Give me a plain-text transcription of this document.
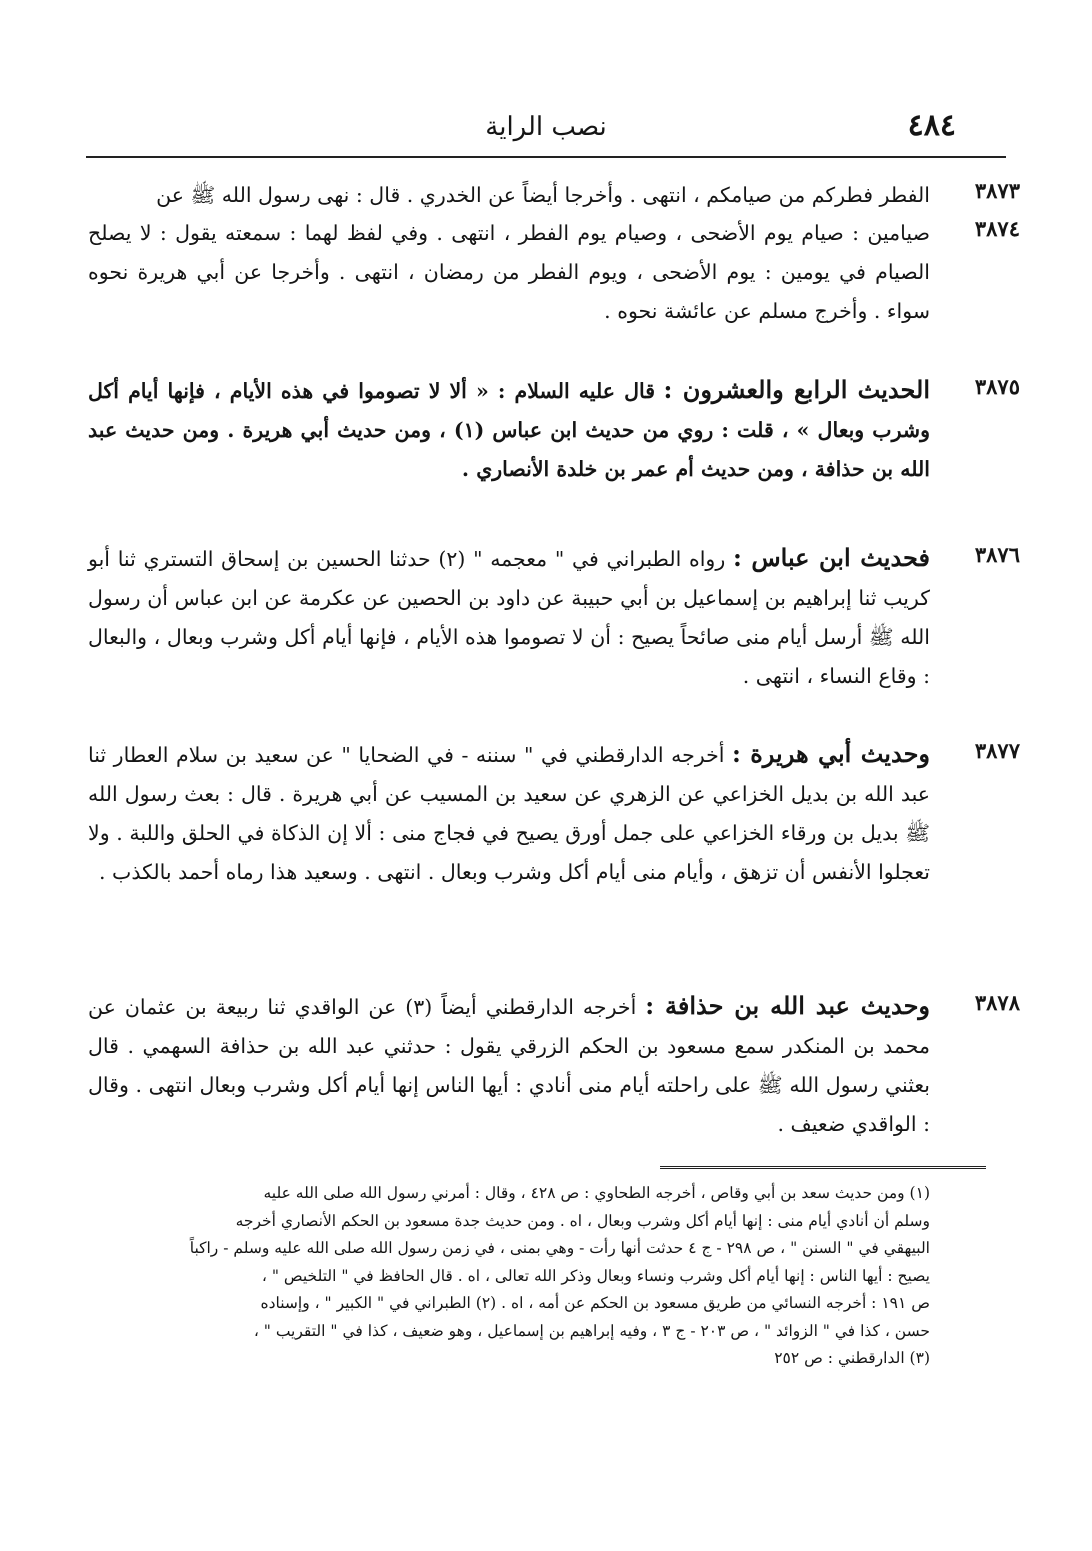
٤٨٤
نصب الراية
٣٨٧٣
الفطر فطركم من صيامكم ، انتهى . وأخرجا أيضاً عن الخدري . قال : نهى رسول الله ﷺ عن
٣٨٧٤
صيامين : صيام يوم الأضحى ، وصيام يوم الفطر ، انتهى . وفي لفظ لهما : سمعته يقول : لا يصلح الصيام في يومين : يوم الأضحى ، ويوم الفطر من رمضان ، انتهى . وأخرجا عن أبي هريرة نحوه سواء . وأخرج مسلم عن عائشة نحوه .
٣٨٧٥
الحديث الرابع والعشرون : قال عليه السلام : « ألا لا تصوموا في هذه الأيام ، فإنها أيام أكل وشرب وبعال » ، قلت : روي من حديث ابن عباس (١) ، ومن حديث أبي هريرة . ومن حديث عبد الله بن حذافة ، ومن حديث أم عمر بن خلدة الأنصاري .
٣٨٧٦
فحديث ابن عباس : رواه الطبراني في " معجمه " (٢) حدثنا الحسين بن إسحاق التستري ثنا أبو كريب ثنا إبراهيم بن إسماعيل بن أبي حبيبة عن داود بن الحصين عن عكرمة عن ابن عباس أن رسول الله ﷺ أرسل أيام منى صائحاً يصيح : أن لا تصوموا هذه الأيام ، فإنها أيام أكل وشرب وبعال ، والبعال : وقاع النساء ، انتهى .
٣٨٧٧
وحديث أبي هريرة : أخرجه الدارقطني في " سننه - في الضحايا " عن سعيد بن سلام العطار ثنا عبد الله بن بديل الخزاعي عن الزهري عن سعيد بن المسيب عن أبي هريرة . قال : بعث رسول الله ﷺ بديل بن ورقاء الخزاعي على جمل أورق يصيح في فجاج منى : ألا إن الذكاة في الحلق واللبة . ولا تعجلوا الأنفس أن تزهق ، وأيام منى أيام أكل وشرب وبعال . انتهى . وسعيد هذا رماه أحمد بالكذب .
٣٨٧٨
وحديث عبد الله بن حذافة : أخرجه الدارقطني أيضاً (٣) عن الواقدي ثنا ربيعة بن عثمان عن محمد بن المنكدر سمع مسعود بن الحكم الزرقي يقول : حدثني عبد الله بن حذافة السهمي . قال بعثني رسول الله ﷺ على راحلته أيام منى أنادي : أيها الناس إنها أيام أكل وشرب وبعال انتهى . وقال : الواقدي ضعيف .
(١) ومن حديث سعد بن أبي وقاص ، أخرجه الطحاوي : ص ٤٢٨ ، وقال : أمرني رسول الله صلى الله عليه
وسلم أن أنادي أيام منى : إنها أيام أكل وشرب وبعال ، اه . ومن حديث جدة مسعود بن الحكم الأنصاري أخرجه
البيهقي في " السنن " ، ص ٢٩٨ - ج ٤ حدثت أنها رأت - وهي بمنى ، في زمن رسول الله صلى الله عليه وسلم - راكباً
يصيح : أيها الناس : إنها أيام أكل وشرب ونساء وبعال وذكر الله تعالى ، اه . قال الحافظ في " التلخيص " ،
ص ١٩١ : أخرجه النسائي من طريق مسعود بن الحكم عن أمه ، اه . (٢) الطبراني في " الكبير " ، وإسناده
حسن ، كذا في " الزوائد " ، ص ٢٠٣ - ج ٣ ، وفيه إبراهيم بن إسماعيل ، وهو ضعيف ، كذا في " التقريب " ،
(٣) الدارقطني : ص ٢٥٢
